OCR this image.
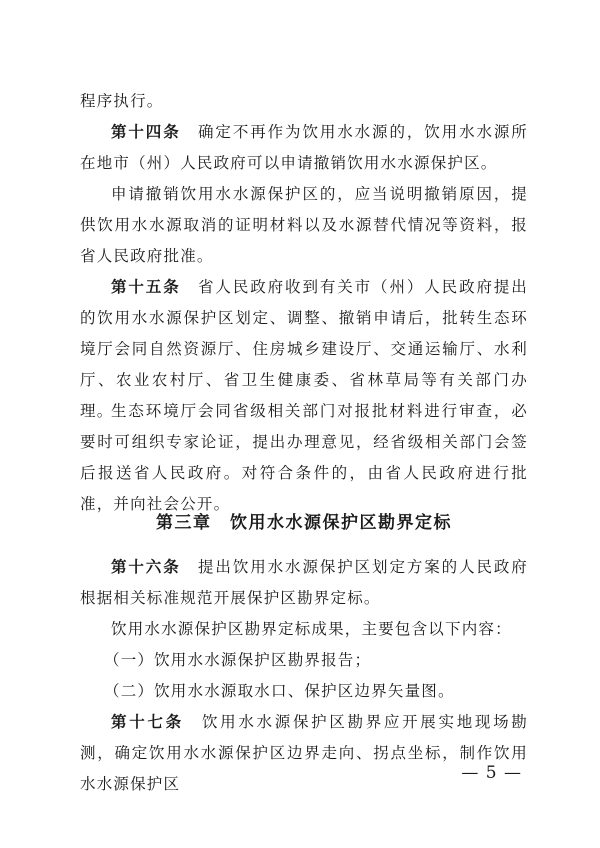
程序执行。

第十四条　确定不再作为饮用水水源的，饮用水水源所在地市（州）人民政府可以申请撤销饮用水水源保护区。

申请撤销饮用水水源保护区的，应当说明撤销原因，提供饮用水水源取消的证明材料以及水源替代情况等资料，报省人民政府批准。

第十五条　省人民政府收到有关市（州）人民政府提出的饮用水水源保护区划定、调整、撤销申请后，批转生态环境厅会同自然资源厅、住房城乡建设厅、交通运输厅、水利厅、农业农村厅、省卫生健康委、省林草局等有关部门办理。

生态环境厅会同省级相关部门对报批材料进行审查，必要时可组织专家论证，提出办理意见，经省级相关部门会签后报送省人民政府。对符合条件的，由省人民政府进行批准，并向社会公开。

第三章　饮用水水源保护区勘界定标

第十六条　提出饮用水水源保护区划定方案的人民政府根据相关标准规范开展保护区勘界定标。

饮用水水源保护区勘界定标成果，主要包含以下内容：

（一）饮用水水源保护区勘界报告；

（二）饮用水水源取水口、保护区边界矢量图。

第十七条　饮用水水源保护区勘界应开展实地现场勘测，确定饮用水水源保护区边界走向、拐点坐标，制作饮用水水源保护区

— 5 —
